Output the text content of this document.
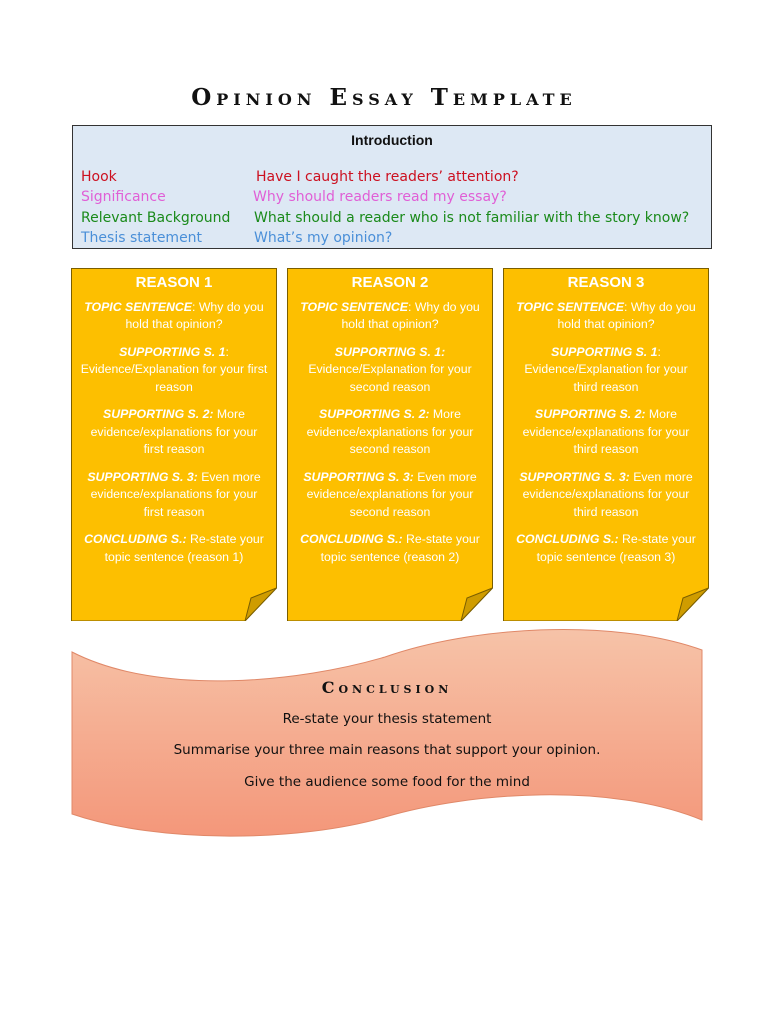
Opinion Essay Template
Introduction
Hook	Have I caught the readers’ attention?
Significance	Why should readers read my essay?
Relevant Background What should a reader who is not familiar with the story know?
Thesis statement	What’s my opinion?
REASON 1

TOPIC SENTENCE: Why do you hold that opinion?

SUPPORTING S. 1: Evidence/Explanation for your first reason

SUPPORTING S. 2: More evidence/explanations for your first reason

SUPPORTING S. 3: Even more evidence/explanations for your first reason

CONCLUDING S.: Re-state your topic sentence (reason 1)

REASON 2

TOPIC SENTENCE: Why do you hold that opinion?

SUPPORTING S. 1: Evidence/Explanation for your second reason

SUPPORTING S. 2: More evidence/explanations for your second reason

SUPPORTING S. 3: Even more evidence/explanations for your second reason

CONCLUDING S.: Re-state your topic sentence (reason 2)

REASON 3

TOPIC SENTENCE: Why do you hold that opinion?

SUPPORTING S. 1: Evidence/Explanation for your third reason

SUPPORTING S. 2: More evidence/explanations for your third reason

SUPPORTING S. 3: Even more evidence/explanations for your third reason

CONCLUDING S.: Re-state your topic sentence (reason 3)

Conclusion
Re-state your thesis statement
Summarise your three main reasons that support your opinion.
Give the audience some food for the mind
